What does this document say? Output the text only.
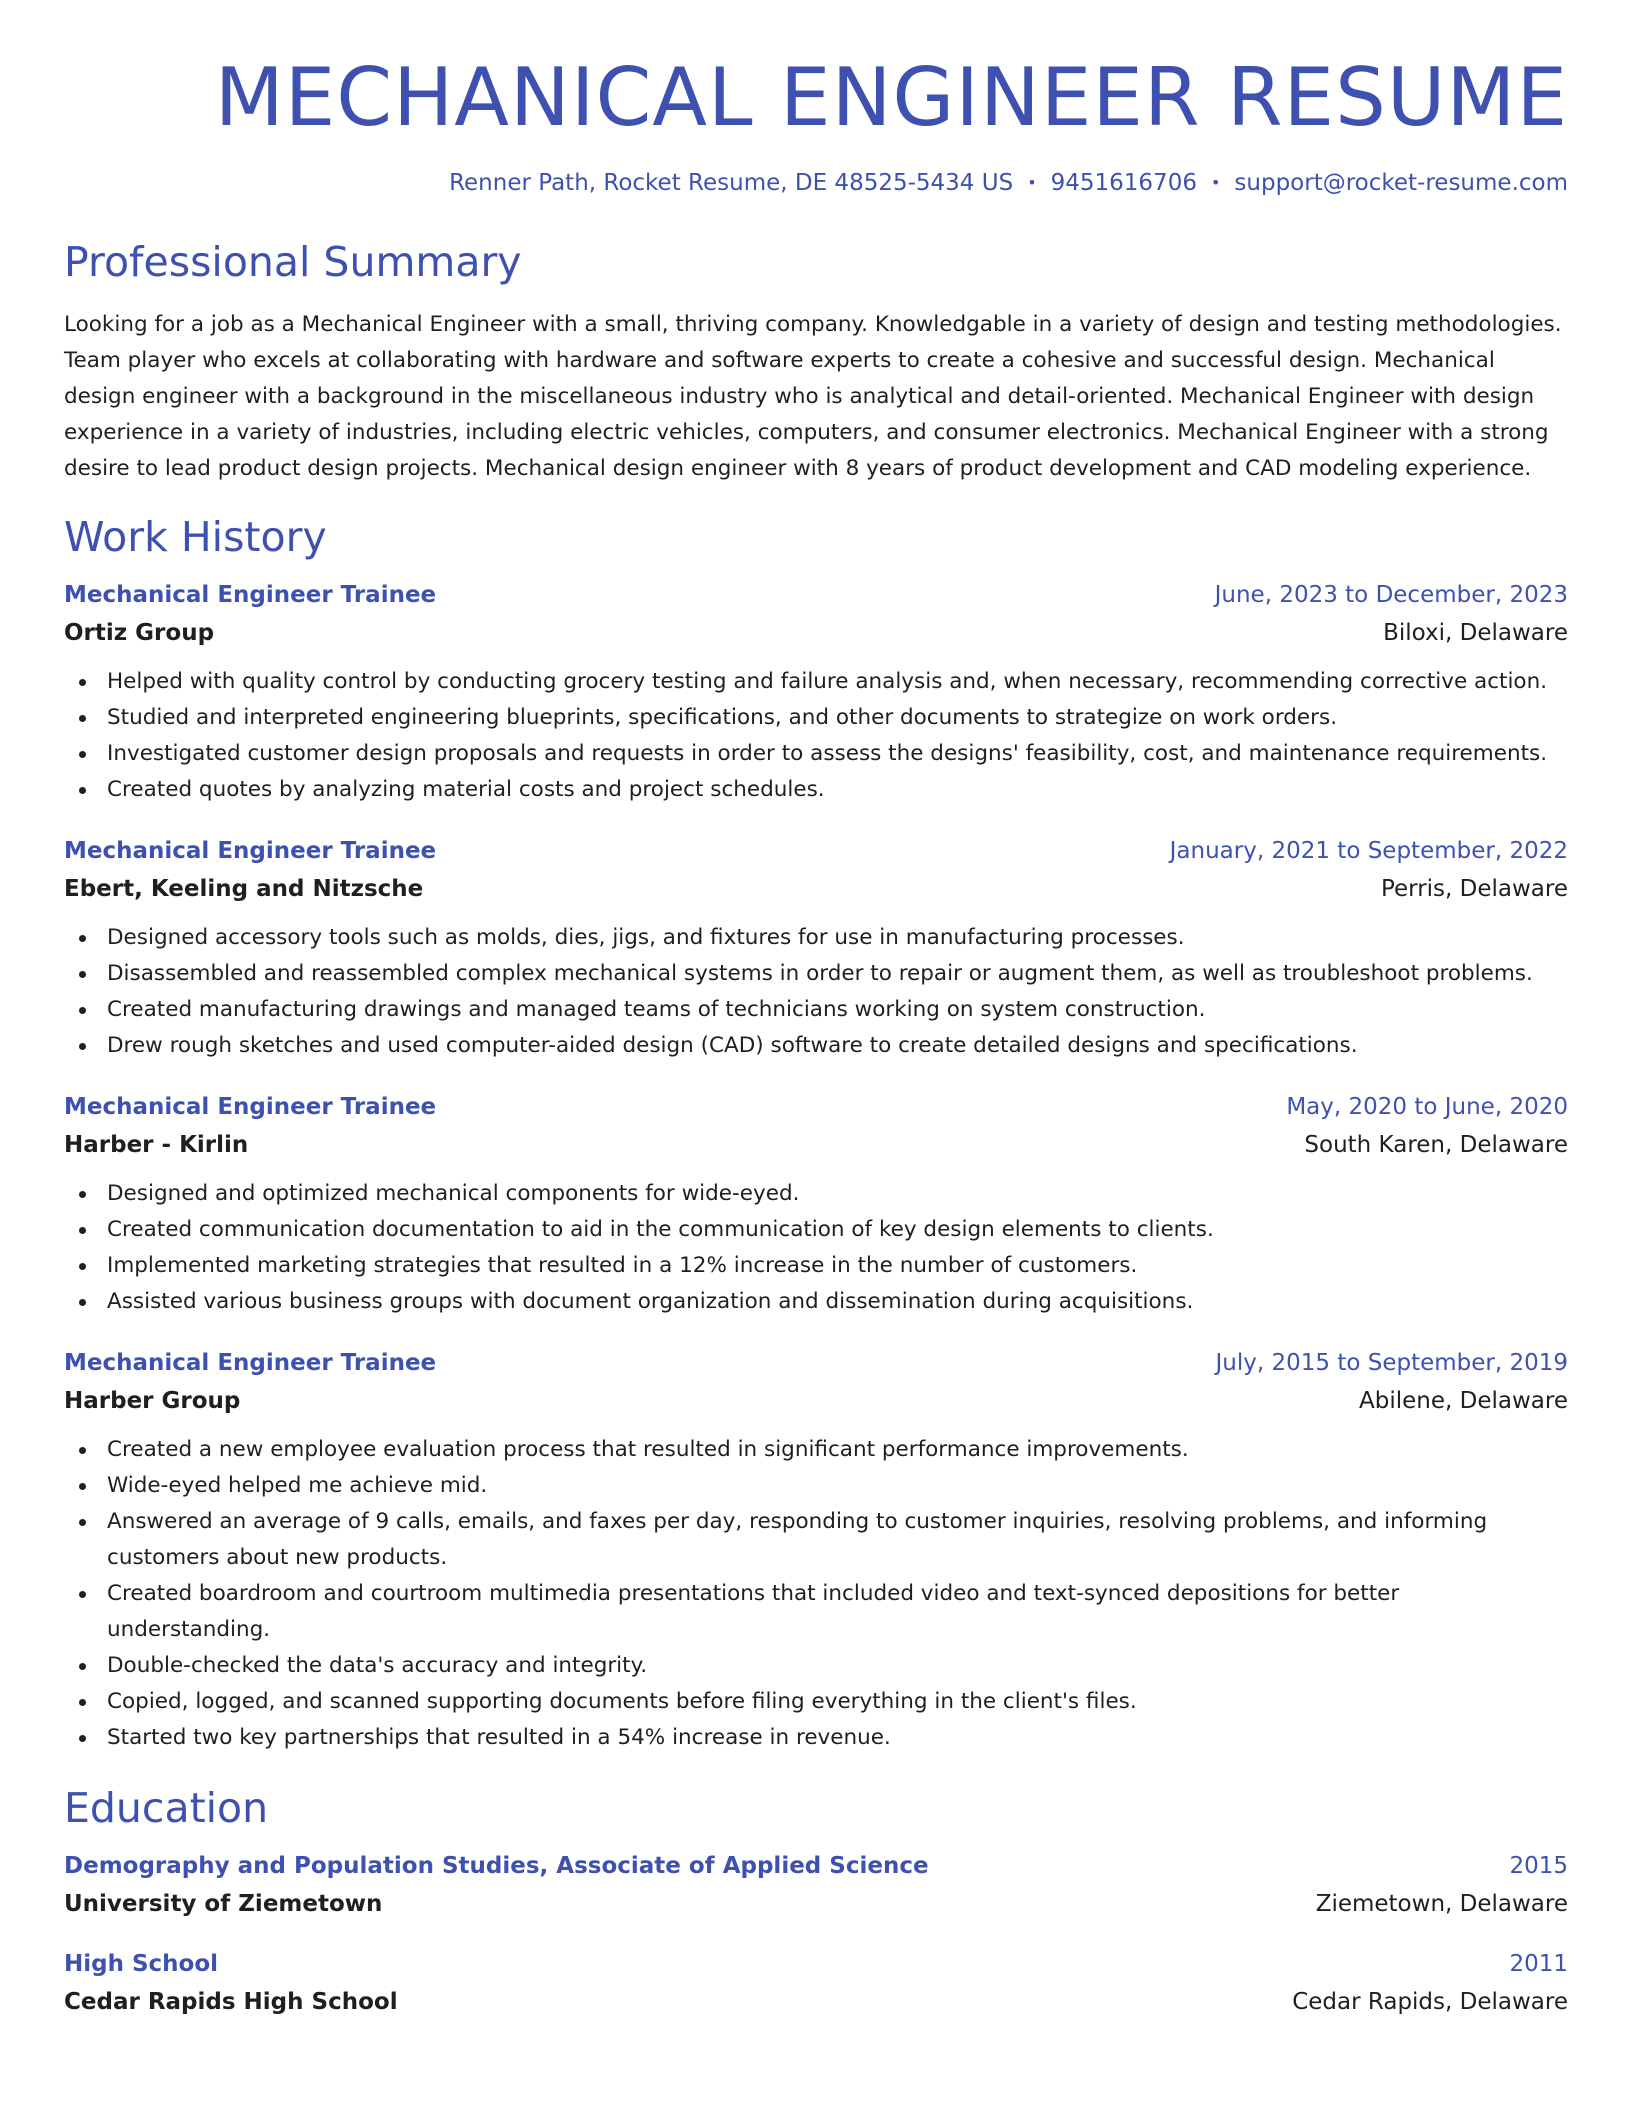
MECHANICAL ENGINEER RESUME
Renner Path, Rocket Resume, DE 48525-5434 US • 9451616706 • support@rocket-resume.com
Professional Summary

Looking for a job as a Mechanical Engineer with a small, thriving company. Knowledgable in a variety of design and testing methodologies. Team player who excels at collaborating with hardware and software experts to create a cohesive and successful design. Mechanical design engineer with a background in the miscellaneous industry who is analytical and detail-oriented. Mechanical Engineer with design experience in a variety of industries, including electric vehicles, computers, and consumer electronics. Mechanical Engineer with a strong desire to lead product design projects. Mechanical design engineer with 8 years of product development and CAD modeling experience.

Work History
Mechanical Engineer Trainee	June, 2023 to December, 2023
Ortiz Group	Biloxi, Delaware
Helped with quality control by conducting grocery testing and failure analysis and, when necessary, recommending corrective action.
Studied and interpreted engineering blueprints, specifications, and other documents to strategize on work orders.
Investigated customer design proposals and requests in order to assess the designs' feasibility, cost, and maintenance requirements.
Created quotes by analyzing material costs and project schedules.
Mechanical Engineer Trainee	January, 2021 to September, 2022
Ebert, Keeling and Nitzsche	Perris, Delaware
Designed accessory tools such as molds, dies, jigs, and fixtures for use in manufacturing processes.
Disassembled and reassembled complex mechanical systems in order to repair or augment them, as well as troubleshoot problems.
Created manufacturing drawings and managed teams of technicians working on system construction.
Drew rough sketches and used computer-aided design (CAD) software to create detailed designs and specifications.
Mechanical Engineer Trainee	May, 2020 to June, 2020
Harber - Kirlin	South Karen, Delaware
Designed and optimized mechanical components for wide-eyed.
Created communication documentation to aid in the communication of key design elements to clients.
Implemented marketing strategies that resulted in a 12% increase in the number of customers.
Assisted various business groups with document organization and dissemination during acquisitions.
Mechanical Engineer Trainee	July, 2015 to September, 2019
Harber Group	Abilene, Delaware
Created a new employee evaluation process that resulted in significant performance improvements.
Wide-eyed helped me achieve mid.
Answered an average of 9 calls, emails, and faxes per day, responding to customer inquiries, resolving problems, and informing customers about new products.
Created boardroom and courtroom multimedia presentations that included video and text-synced depositions for better understanding.
Double-checked the data's accuracy and integrity.
Copied, logged, and scanned supporting documents before filing everything in the client's files.
Started two key partnerships that resulted in a 54% increase in revenue.
Education
Demography and Population Studies, Associate of Applied Science	2015
University of Ziemetown	Ziemetown, Delaware
High School	2011
Cedar Rapids High School	Cedar Rapids, Delaware
